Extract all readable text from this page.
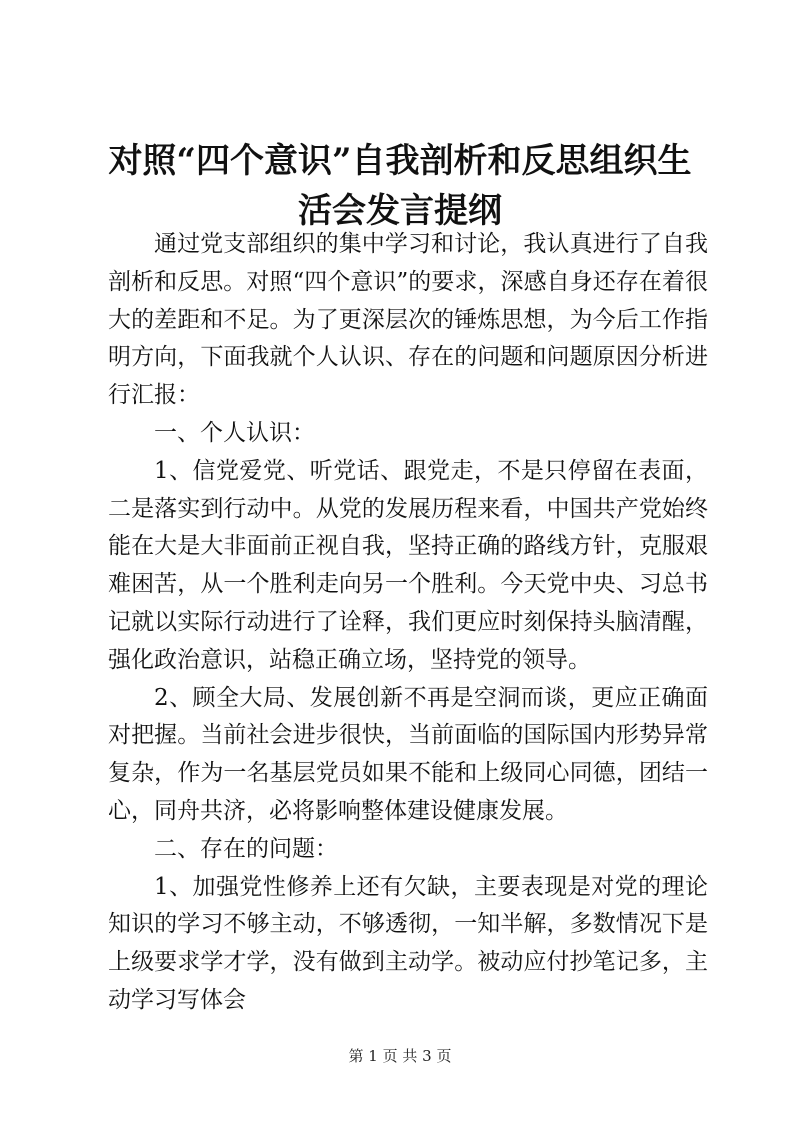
对照“四个意识”自我剖析和反思组织生活会发言提纲

通过党支部组织的集中学习和讨论，我认真进行了自我剖析和反思。对照“四个意识”的要求，深感自身还存在着很大的差距和不足。为了更深层次的锤炼思想，为今后工作指明方向，下面我就个人认识、存在的问题和问题原因分析进行汇报：

一、个人认识：

1、信党爱党、听党话、跟党走，不是只停留在表面，二是落实到行动中。从党的发展历程来看，中国共产党始终能在大是大非面前正视自我，坚持正确的路线方针，克服艰难困苦，从一个胜利走向另一个胜利。今天党中央、习总书记就以实际行动进行了诠释，我们更应时刻保持头脑清醒，强化政治意识，站稳正确立场，坚持党的领导。

2、顾全大局、发展创新不再是空洞而谈，更应正确面对把握。当前社会进步很快，当前面临的国际国内形势异常复杂，作为一名基层党员如果不能和上级同心同德，团结一心，同舟共济，必将影响整体建设健康发展。

二、存在的问题：

1、加强党性修养上还有欠缺，主要表现是对党的理论知识的学习不够主动，不够透彻，一知半解，多数情况下是上级要求学才学，没有做到主动学。被动应付抄笔记多，主动学习写体会

第 1 页 共 3 页
